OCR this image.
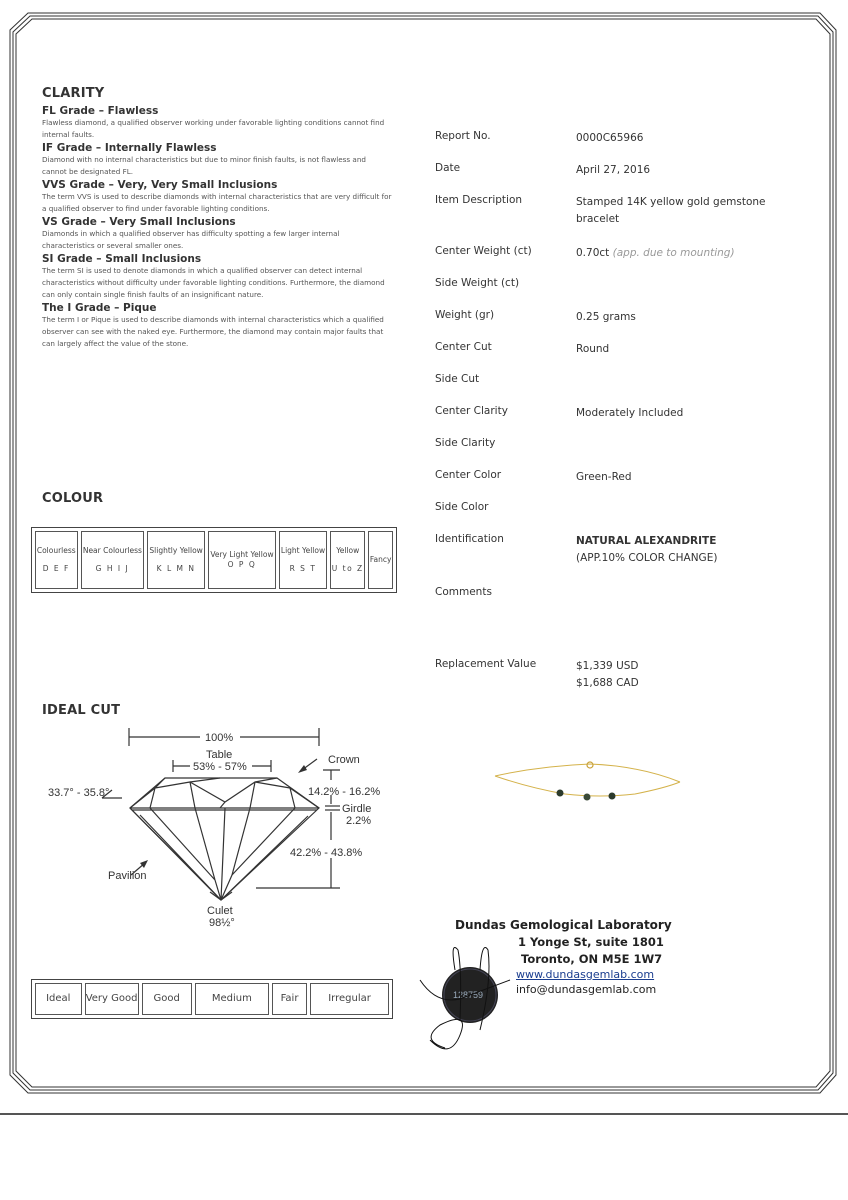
CLARITY
FL Grade – Flawless
Flawless diamond, a qualified observer working under favorable lighting conditions cannot find internal faults.
IF Grade – Internally Flawless
Diamond with no internal characteristics but due to minor finish faults, is not flawless and cannot be designated FL.
VVS Grade – Very, Very Small Inclusions
The term VVS is used to describe diamonds with internal characteristics that are very difficult for a qualified observer to find under favorable lighting conditions.
VS Grade – Very Small Inclusions
Diamonds in which a qualified observer has difficulty spotting a few larger internal characteristics or several smaller ones.
SI Grade – Small Inclusions
The term SI is used to denote diamonds in which a qualified observer can detect internal characteristics without difficulty under favorable lighting conditions. Furthermore, the diamond can only contain single finish faults of an insignificant nature.
The I Grade – Pique
The term I or Pique is used to describe diamonds with internal characteristics which a qualified observer can see with the naked eye. Furthermore, the diamond may contain major faults that can largely affect the value of the stone.
COLOUR
Colourless
D E F

Near Colourless
G H I J

Slightly Yellow
K L M N

Very Light Yellow
O P Q

Light Yellow
R S T

Yellow
U to Z

Fancy
IDEAL CUT
100%
Table
53% - 57%
Crown
33.7° - 35.8°	14.2% - 16.2%
Girdle
2.2%
42.2% - 43.8%
Pavilion
Culet
98½°
Ideal	Very Good	Good	Medium	Fair	Irregular
Report No.	0000C65966
Date	April 27, 2016
Item Description	Stamped 14K yellow gold gemstone bracelet
Center Weight (ct)	0.70ct (app. due to mounting)
Side Weight (ct)
Weight (gr)	0.25 grams
Center Cut	Round
Side Cut
Center Clarity	Moderately Included
Side Clarity
Center Color	Green-Red
Side Color
Identification	NATURAL ALEXANDRITE
(APP.10% COLOR CHANGE)
Comments
Replacement Value	$1,339 USD
$1,688 CAD
128759
Dundas Gemological Laboratory
1 Yonge St, suite 1801
Toronto, ON M5E 1W7
www.dundasgemlab.com
info@dundasgemlab.com
